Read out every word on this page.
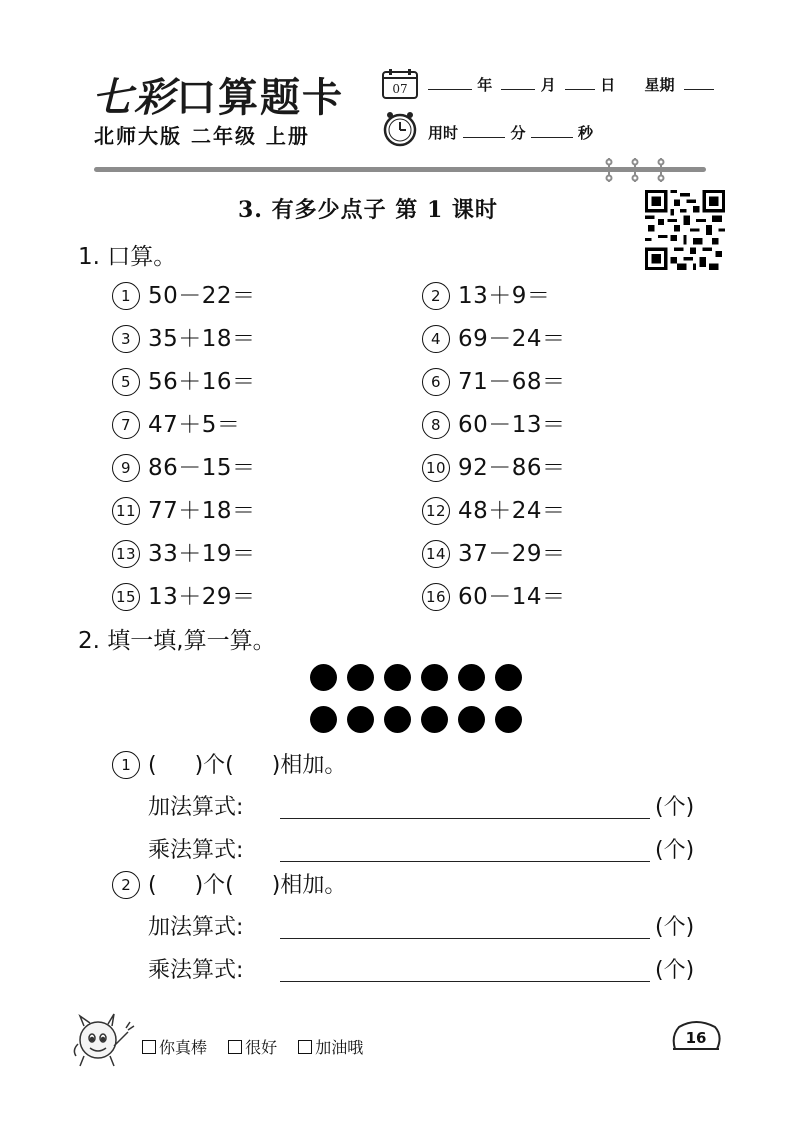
七彩口算题卡
北师大版 二年级 上册
07	年	月	日 星期
用时	分	秒
3. 有多少点子 第 1 课时
1. 口算。
1 50－22＝	2 13＋9＝
3 35＋18＝	4 69－24＝
5 56＋16＝	6 71－68＝
7 47＋5＝	8 60－13＝
9 86－15＝	10 92－86＝
11 77＋18＝	12 48＋24＝
13 33＋19＝	14 37－29＝
15 13＋29＝	16 60－14＝
2. 填一填,算一算。
1 ( )个( )相加。
加法算式:	(个)
乘法算式:	(个)
2 ( )个( )相加。
加法算式:	(个)
乘法算式:	(个)
你真棒 很好 加油哦	16
